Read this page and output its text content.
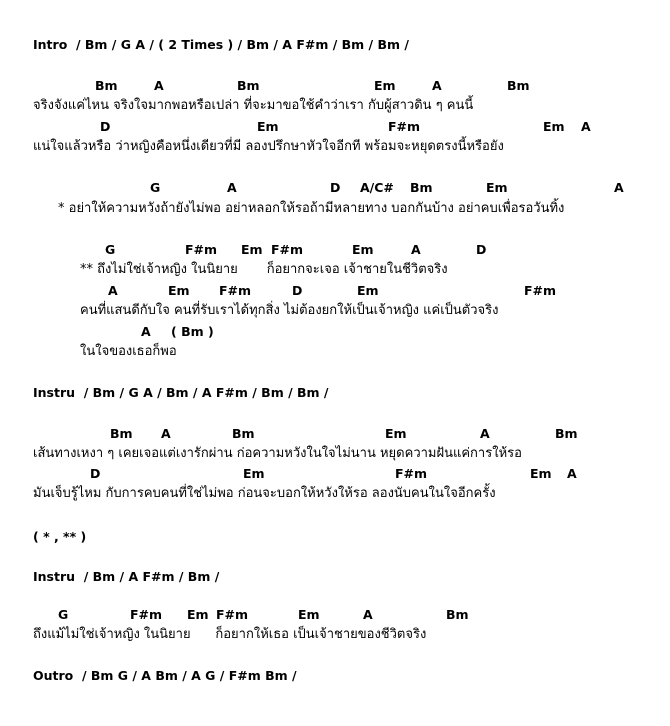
Intro  / Bm / G A / ( 2 Times ) / Bm / A F#m / Bm / Bm /
Bm	A	Bm	Em	A	Bm
จริงจังแค่ไหน จริงใจมากพอหรือเปล่า ที่จะมาขอใช้คำว่าเรา กับผู้สาวดิน ๆ คนนี้
D	Em	F#m	Em A
แน่ใจแล้วหรือ ว่าหญิงคือหนึ่งเดียวที่มี ลองปรึกษาหัวใจอีกที พร้อมจะหยุดตรงนี้หรือยัง
G	A	D A/C# Bm	Em	A
* อย่าให้ความหวังถ้ายังไม่พอ อย่าหลอกให้รอถ้ามีหลายทาง บอกกันบ้าง อย่าคบเพื่อรอวันทิ้ง
G	F#m Em F#m	Em	A	D
** ถึงไม่ใช่เจ้าหญิง ในนิยาย       ก็อยากจะเจอ เจ้าชายในชีวิตจริง
A	Em F#m	D	Em	F#m
คนที่แสนดีกับใจ คนที่รับเราได้ทุกสิ่ง ไม่ต้องยกให้เป็นเจ้าหญิง แค่เป็นตัวจริง
A ( Bm )
ในใจของเธอก็พอ
Instru  / Bm / G A / Bm / A F#m / Bm / Bm /
Bm A	Bm	Em	A	Bm
เส้นทางเหงา ๆ เคยเจอแต่เงารักผ่าน ก่อความหวังในใจไม่นาน หยุดความฝันแค่การให้รอ
D	Em	F#m	Em A
มันเจ็บรู้ไหม กับการคบคนที่ใช่ไม่พอ ก่อนจะบอกให้หวังให้รอ ลองนับคนในใจอีกครั้ง
( * , ** )
Instru  / Bm / A F#m / Bm /
G	F#m Em F#m	Em	A	Bm
ถึงแม้ไม่ใช่เจ้าหญิง ในนิยาย      ก็อยากให้เธอ เป็นเจ้าชายของชีวิตจริง
Outro  / Bm G / A Bm / A G / F#m Bm /
